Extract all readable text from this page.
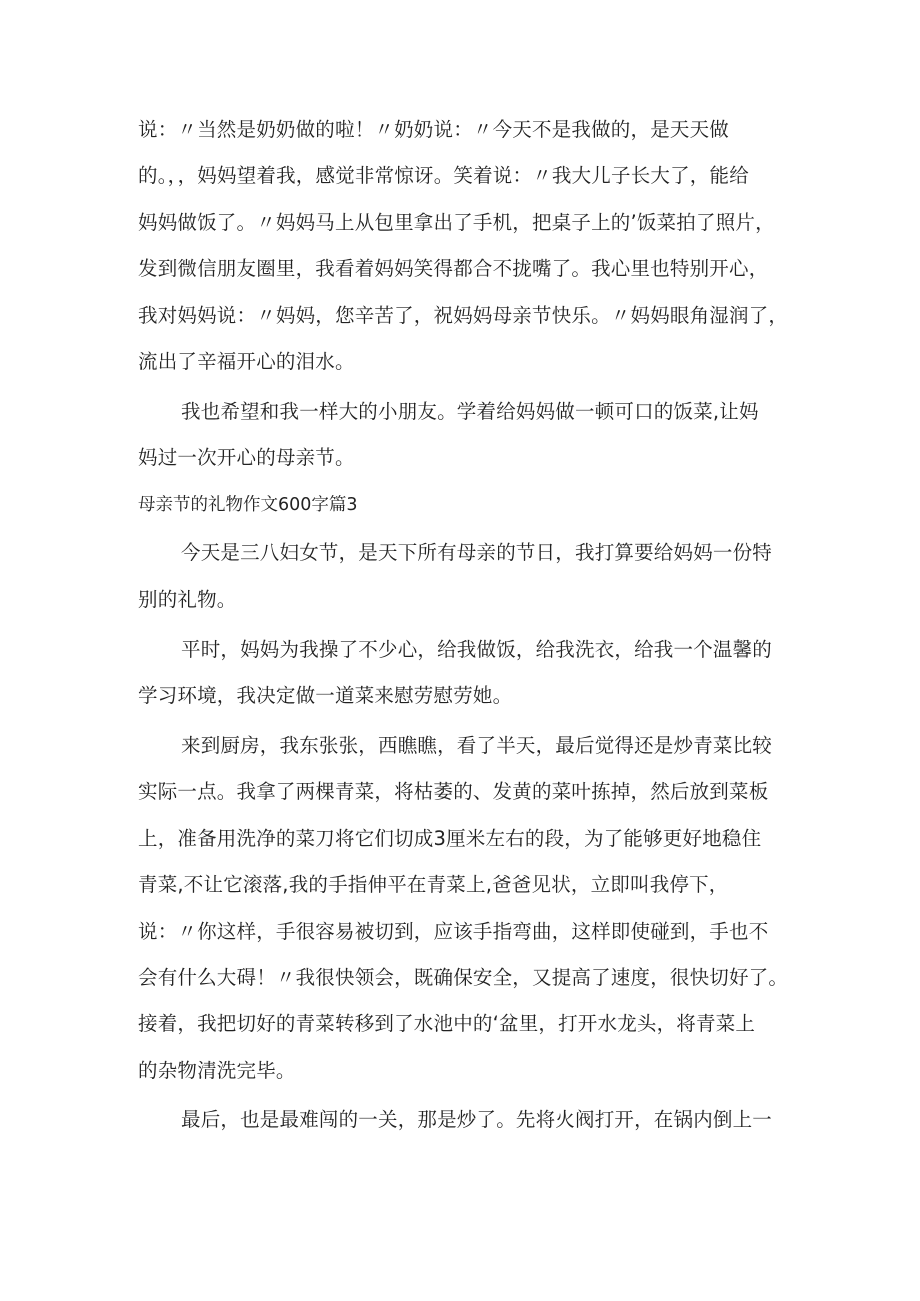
说：〃当然是奶奶做的啦！〃奶奶说：〃今天不是我做的，是天天做
的。，，妈妈望着我，感觉非常惊讶。笑着说：〃我大儿子长大了，能给
妈妈做饭了。〃妈妈马上从包里拿出了手机，把桌子上的’饭菜拍了照片，
发到微信朋友圈里，我看着妈妈笑得都合不拢嘴了。我心里也特别开心，
我对妈妈说：〃妈妈，您辛苦了，祝妈妈母亲节快乐。〃妈妈眼角湿润了，
流出了辛福开心的泪水。
我也希望和我一样大的小朋友。学着给妈妈做一顿可口的饭菜,让妈
妈过一次开心的母亲节。
母亲节的礼物作文600字篇3
今天是三八妇女节，是天下所有母亲的节日，我打算要给妈妈一份特
别的礼物。
平时，妈妈为我操了不少心，给我做饭，给我洗衣，给我一个温馨的
学习环境，我决定做一道菜来慰劳慰劳她。
来到厨房，我东张张，西瞧瞧，看了半天，最后觉得还是炒青菜比较
实际一点。我拿了两棵青菜，将枯萎的、发黄的菜叶拣掉，然后放到菜板
上，准备用洗净的菜刀将它们切成3厘米左右的段，为了能够更好地稳住
青菜,不让它滚落,我的手指伸平在青菜上,爸爸见状，立即叫我停下，
说：〃你这样，手很容易被切到，应该手指弯曲，这样即使碰到，手也不
会有什么大碍！〃我很快领会，既确保安全，又提高了速度，很快切好了。
接着，我把切好的青菜转移到了水池中的‘盆里，打开水龙头，将青菜上
的杂物清洗完毕。
最后，也是最难闯的一关，那是炒了。先将火阀打开，在锅内倒上一
